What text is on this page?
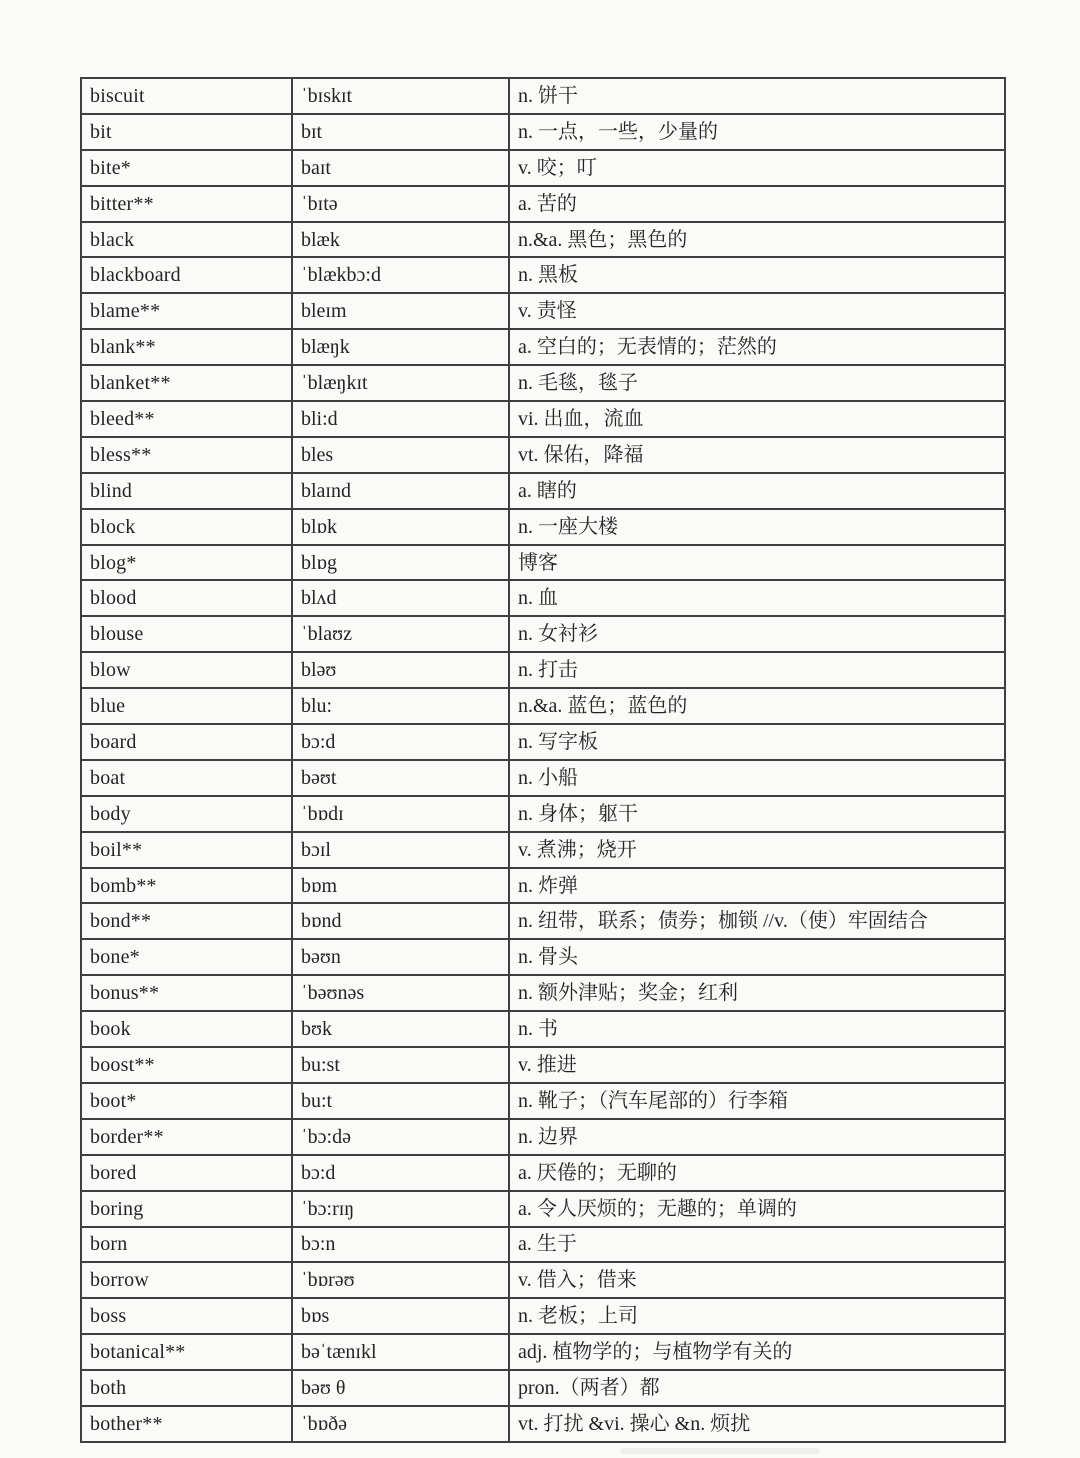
biscuit	ˈbɪskɪt	n. 饼干
bit	bɪt	n. 一点，一些，少量的
bite*	baɪt	v. 咬；叮
bitter**	ˈbɪtə	a. 苦的
black	blæk	n.&a. 黑色；黑色的
blackboard	ˈblækbɔ:d	n. 黑板
blame**	bleɪm	v. 责怪
blank**	blæŋk	a. 空白的；无表情的；茫然的
blanket**	ˈblæŋkɪt	n. 毛毯，毯子
bleed**	bli:d	vi. 出血，流血
bless**	bles	vt. 保佑，降福
blind	blaɪnd	a. 瞎的
block	blɒk	n. 一座大楼
blog*	blɒg	博客
blood	blʌd	n. 血
blouse	ˈblaʊz	n. 女衬衫
blow	bləʊ	n. 打击
blue	blu:	n.&a. 蓝色；蓝色的
board	bɔ:d	n. 写字板
boat	bəʊt	n. 小船
body	ˈbɒdɪ	n. 身体；躯干
boil**	bɔɪl	v. 煮沸；烧开
bomb**	bɒm	n. 炸弹
bond**	bɒnd	n. 纽带，联系；债券；枷锁 //v.（使）牢固结合
bone*	bəʊn	n. 骨头
bonus**	ˈbəʊnəs	n. 额外津贴；奖金；红利
book	bʊk	n. 书
boost**	bu:st	v. 推进
boot*	bu:t	n. 靴子；（汽车尾部的）行李箱
border**	ˈbɔ:də	n. 边界
bored	bɔ:d	a. 厌倦的；无聊的
boring	ˈbɔ:rɪŋ	a. 令人厌烦的；无趣的；单调的
born	bɔ:n	a. 生于
borrow	ˈbɒrəʊ	v. 借入；借来
boss	bɒs	n. 老板；上司
botanical**	bəˈtænɪkl	adj. 植物学的；与植物学有关的
both	bəʊ θ	pron.（两者）都
bother**	ˈbɒðə	vt. 打扰 &vi. 操心 &n. 烦扰
